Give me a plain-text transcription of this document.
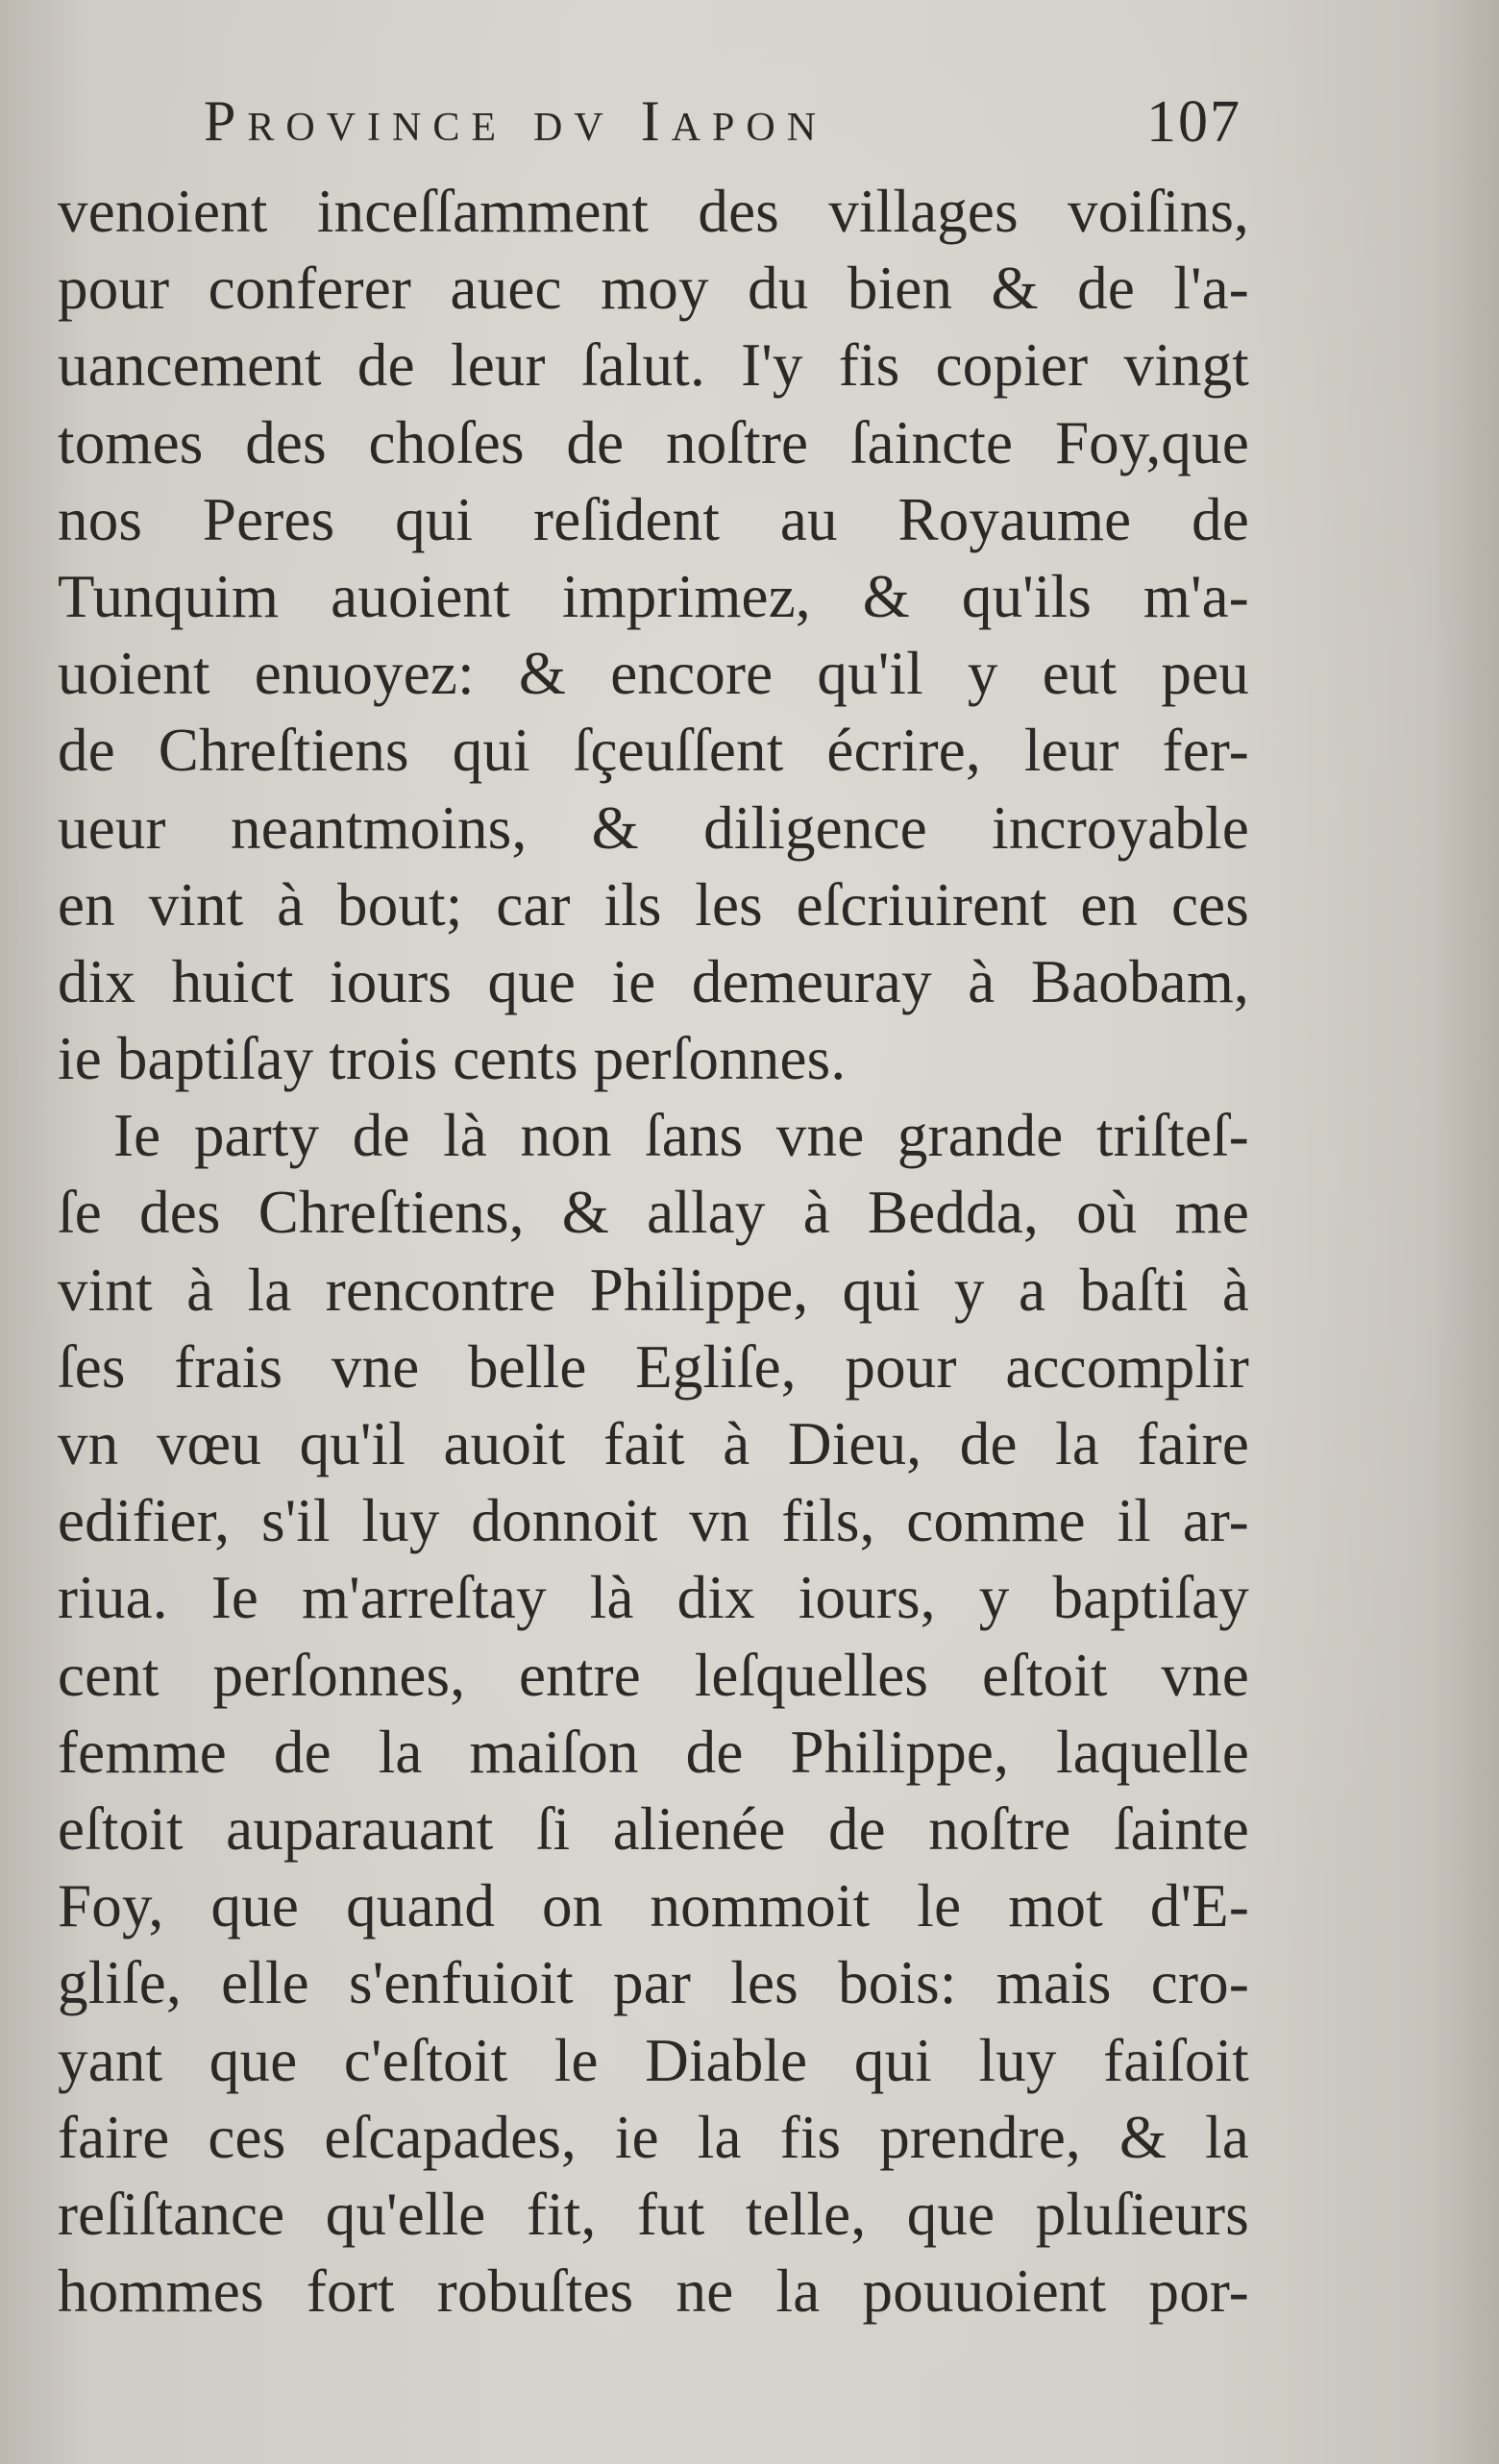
Province dv Iapon	107
venoient inceſſamment des villages voiſins,
pour conferer auec moy du bien & de l'a-
uancement de leur ſalut. I'y fis copier vingt
tomes des choſes de noſtre ſaincte Foy,que
nos Peres qui reſident au Royaume de
Tunquim auoient imprimez, & qu'ils m'a-
uoient enuoyez: & encore qu'il y eut peu
de Chreſtiens qui ſçeuſſent écrire, leur fer-
ueur neantmoins, & diligence incroyable
en vint à bout; car ils les eſcriuirent en ces
dix huict iours que ie demeuray à Baobam,
ie baptiſay trois cents perſonnes.
Ie party de là non ſans vne grande triſteſ-
ſe des Chreſtiens, & allay à Bedda, où me
vint à la rencontre Philippe, qui y a baſti à
ſes frais vne belle Egliſe, pour accomplir
vn vœu qu'il auoit fait à Dieu, de la faire
edifier, s'il luy donnoit vn fils, comme il ar-
riua. Ie m'arreſtay là dix iours, y baptiſay
cent perſonnes, entre leſquelles eſtoit vne
femme de la maiſon de Philippe, laquelle
eſtoit auparauant ſi alienée de noſtre ſainte
Foy, que quand on nommoit le mot d'E-
gliſe, elle s'enfuioit par les bois: mais cro-
yant que c'eſtoit le Diable qui luy faiſoit
faire ces eſcapades, ie la fis prendre, & la
reſiſtance qu'elle fit, fut telle, que pluſieurs
hommes fort robuſtes ne la pouuoient por-
